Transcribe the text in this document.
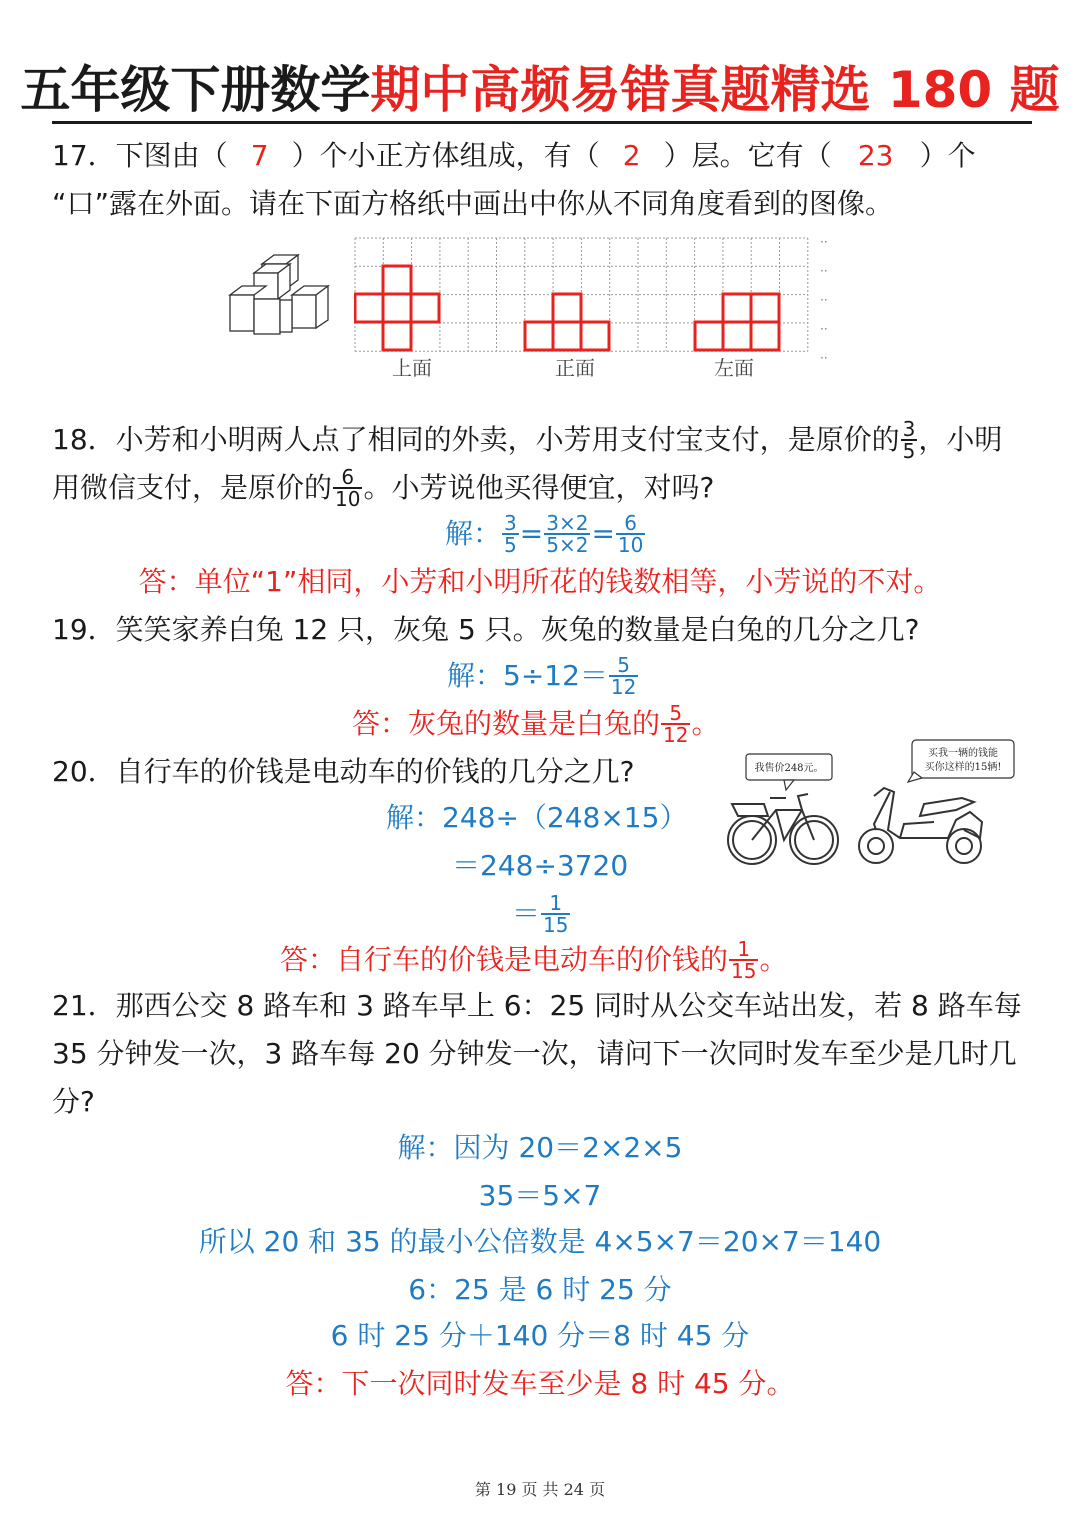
五年级下册数学期中高频易错真题精选 180 题
17．下图由（ 7 ）个小正方体组成，有（ 2 ）层。它有（ 23 ）个
“口”露在外面。请在下面方格纸中画出中你从不同角度看到的图像。
··
··
··
··
··
上面	正面	左面
18．小芳和小明两人点了相同的外卖，小芳用支付宝支付，是原价的 $\frac{3}{5}$ ，小明
用微信支付，是原价的 $\frac{6}{10}$ 。小芳说他买得便宜，对吗?
解： $\frac{3}{5} = \frac{3\times 2}{5\times 2} = \frac{6}{10}$
答：单位“1”相同，小芳和小明所花的钱数相等，小芳说的不对。
19．笑笑家养白兔 12 只，灰兔 5 只。灰兔的数量是白兔的几分之几?
解：$5\div 12= \frac{5}{12}$
答：灰兔的数量是白兔的 $\frac{5}{12}$ 。
20．自行车的价钱是电动车的价钱的几分之几?	我售价248元。
买我一辆的钱能
买你这样的15辆!
解：248÷（248×15）
＝248÷3720
＝ $\frac{1}{15}$
答：自行车的价钱是电动车的价钱的 $\frac{1}{15}$ 。
21．那西公交 8 路车和 3 路车早上 6：25 同时从公交车站出发，若 8 路车每
35 分钟发一次，3 路车每 20 分钟发一次，请问下一次同时发车至少是几时几
分?
解：因为 20＝2×2×5
35＝5×7
所以 20 和 35 的最小公倍数是 4×5×7＝20×7＝140
6：25 是 6 时 25 分
6 时 25 分＋140 分＝8 时 45 分
答：下一次同时发车至少是 8 时 45 分。
第 19 页 共 24 页
